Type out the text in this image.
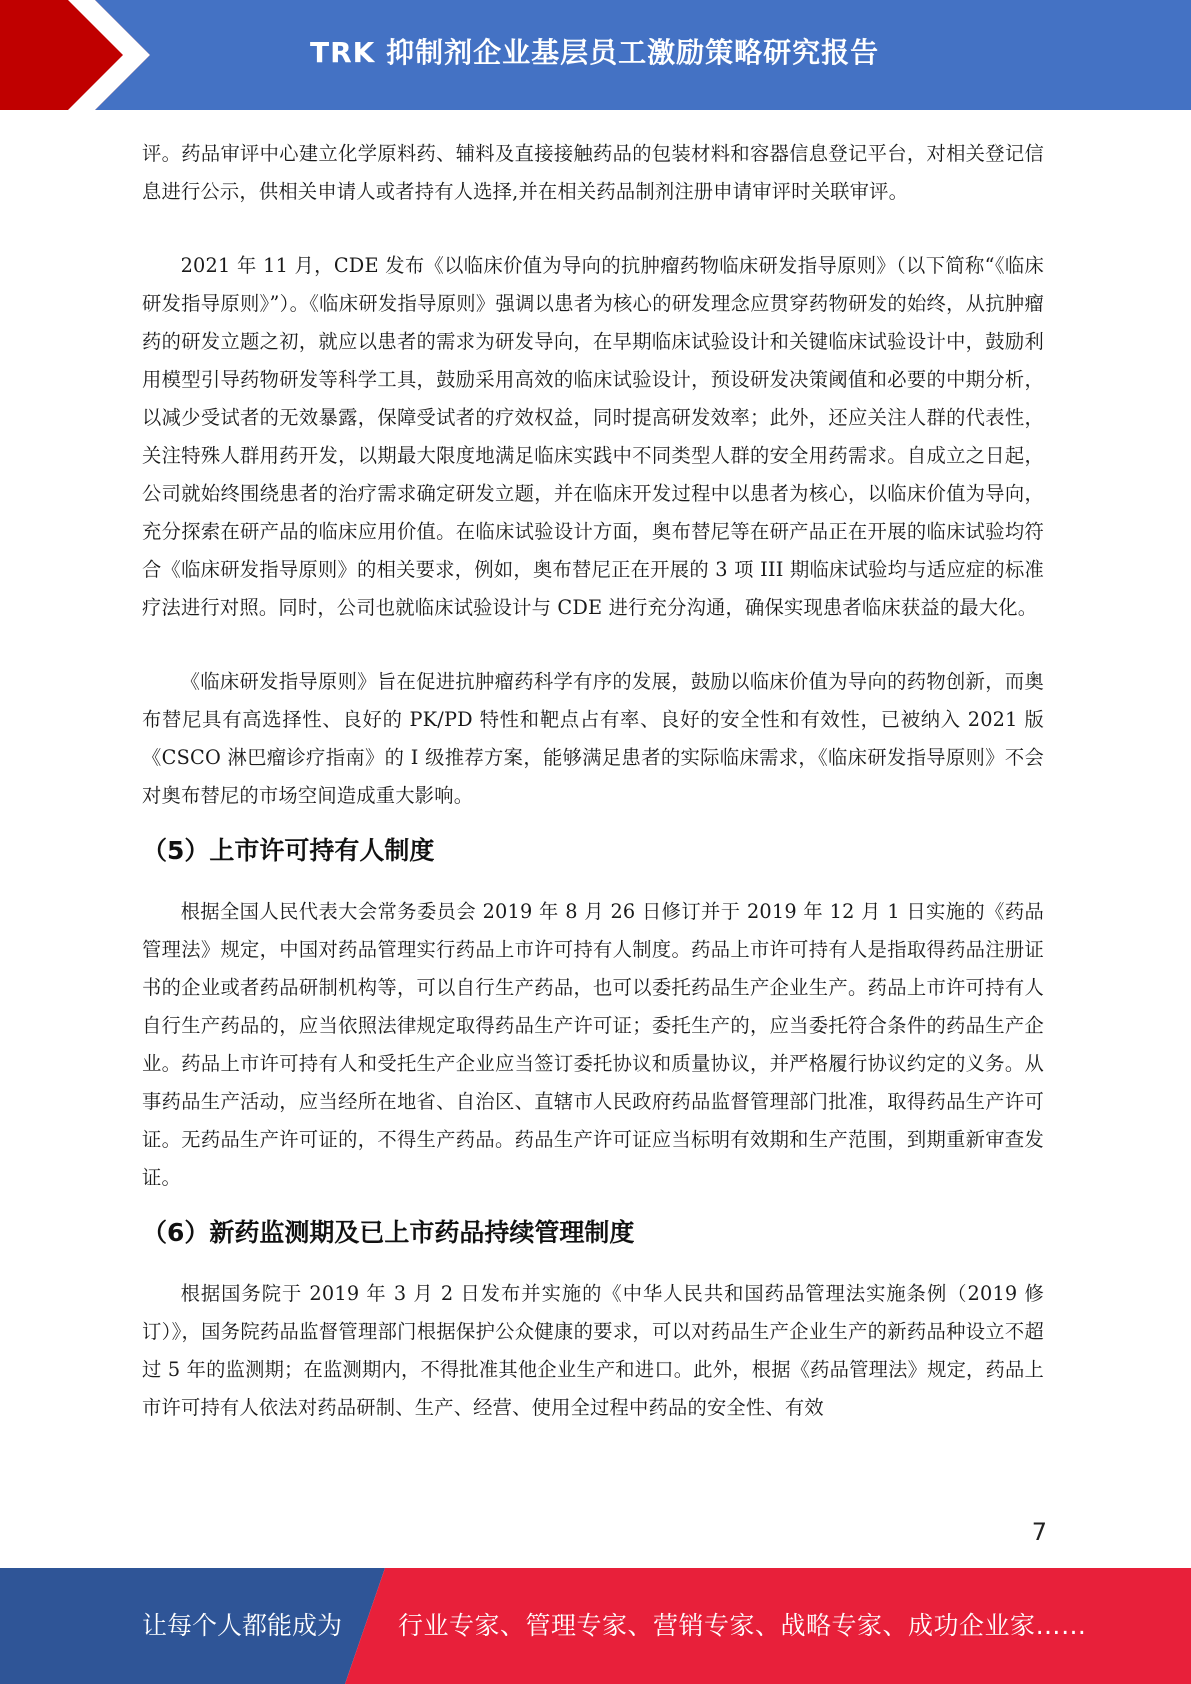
TRK 抑制剂企业基层员工激励策略研究报告

评。药品审评中心建立化学原料药、辅料及直接接触药品的包装材料和容器信息登记平台，对相关登记信息进行公示，供相关申请人或者持有人选择,并在相关药品制剂注册申请审评时关联审评。

2021 年 11 月，CDE 发布《以临床价值为导向的抗肿瘤药物临床研发指导原则》（以下简称“《临床研发指导原则》”）。《临床研发指导原则》强调以患者为核心的研发理念应贯穿药物研发的始终，从抗肿瘤药的研发立题之初，就应以患者的需求为研发导向，在早期临床试验设计和关键临床试验设计中，鼓励利用模型引导药物研发等科学工具，鼓励采用高效的临床试验设计，预设研发决策阈值和必要的中期分析，以减少受试者的无效暴露，保障受试者的疗效权益，同时提高研发效率；此外，还应关注人群的代表性，关注特殊人群用药开发，以期最大限度地满足临床实践中不同类型人群的安全用药需求。自成立之日起，公司就始终围绕患者的治疗需求确定研发立题，并在临床开发过程中以患者为核心，以临床价值为导向，充分探索在研产品的临床应用价值。在临床试验设计方面，奥布替尼等在研产品正在开展的临床试验均符合《临床研发指导原则》的相关要求，例如，奥布替尼正在开展的 3 项 III 期临床试验均与适应症的标准疗法进行对照。同时，公司也就临床试验设计与 CDE 进行充分沟通，确保实现患者临床获益的最大化。

《临床研发指导原则》旨在促进抗肿瘤药科学有序的发展，鼓励以临床价值为导向的药物创新，而奥布替尼具有高选择性、良好的 PK/PD 特性和靶点占有率、良好的安全性和有效性，已被纳入 2021 版《CSCO 淋巴瘤诊疗指南》的 I 级推荐方案，能够满足患者的实际临床需求，《临床研发指导原则》不会对奥布替尼的市场空间造成重大影响。

（5）上市许可持有人制度

根据全国人民代表大会常务委员会 2019 年 8 月 26 日修订并于 2019 年 12 月 1 日实施的《药品管理法》规定，中国对药品管理实行药品上市许可持有人制度。药品上市许可持有人是指取得药品注册证书的企业或者药品研制机构等，可以自行生产药品，也可以委托药品生产企业生产。药品上市许可持有人自行生产药品的，应当依照法律规定取得药品生产许可证；委托生产的，应当委托符合条件的药品生产企业。药品上市许可持有人和受托生产企业应当签订委托协议和质量协议，并严格履行协议约定的义务。从事药品生产活动，应当经所在地省、自治区、直辖市人民政府药品监督管理部门批准，取得药品生产许可证。无药品生产许可证的，不得生产药品。药品生产许可证应当标明有效期和生产范围，到期重新审查发证。

（6）新药监测期及已上市药品持续管理制度

根据国务院于 2019 年 3 月 2 日发布并实施的《中华人民共和国药品管理法实施条例（2019 修订）》，国务院药品监督管理部门根据保护公众健康的要求，可以对药品生产企业生产的新药品种设立不超过 5 年的监测期；在监测期内，不得批准其他企业生产和进口。此外，根据《药品管理法》规定，药品上市许可持有人依法对药品研制、生产、经营、使用全过程中药品的安全性、有效

7
让每个人都能成为 行业专家、管理专家、营销专家、战略专家、成功企业家……
